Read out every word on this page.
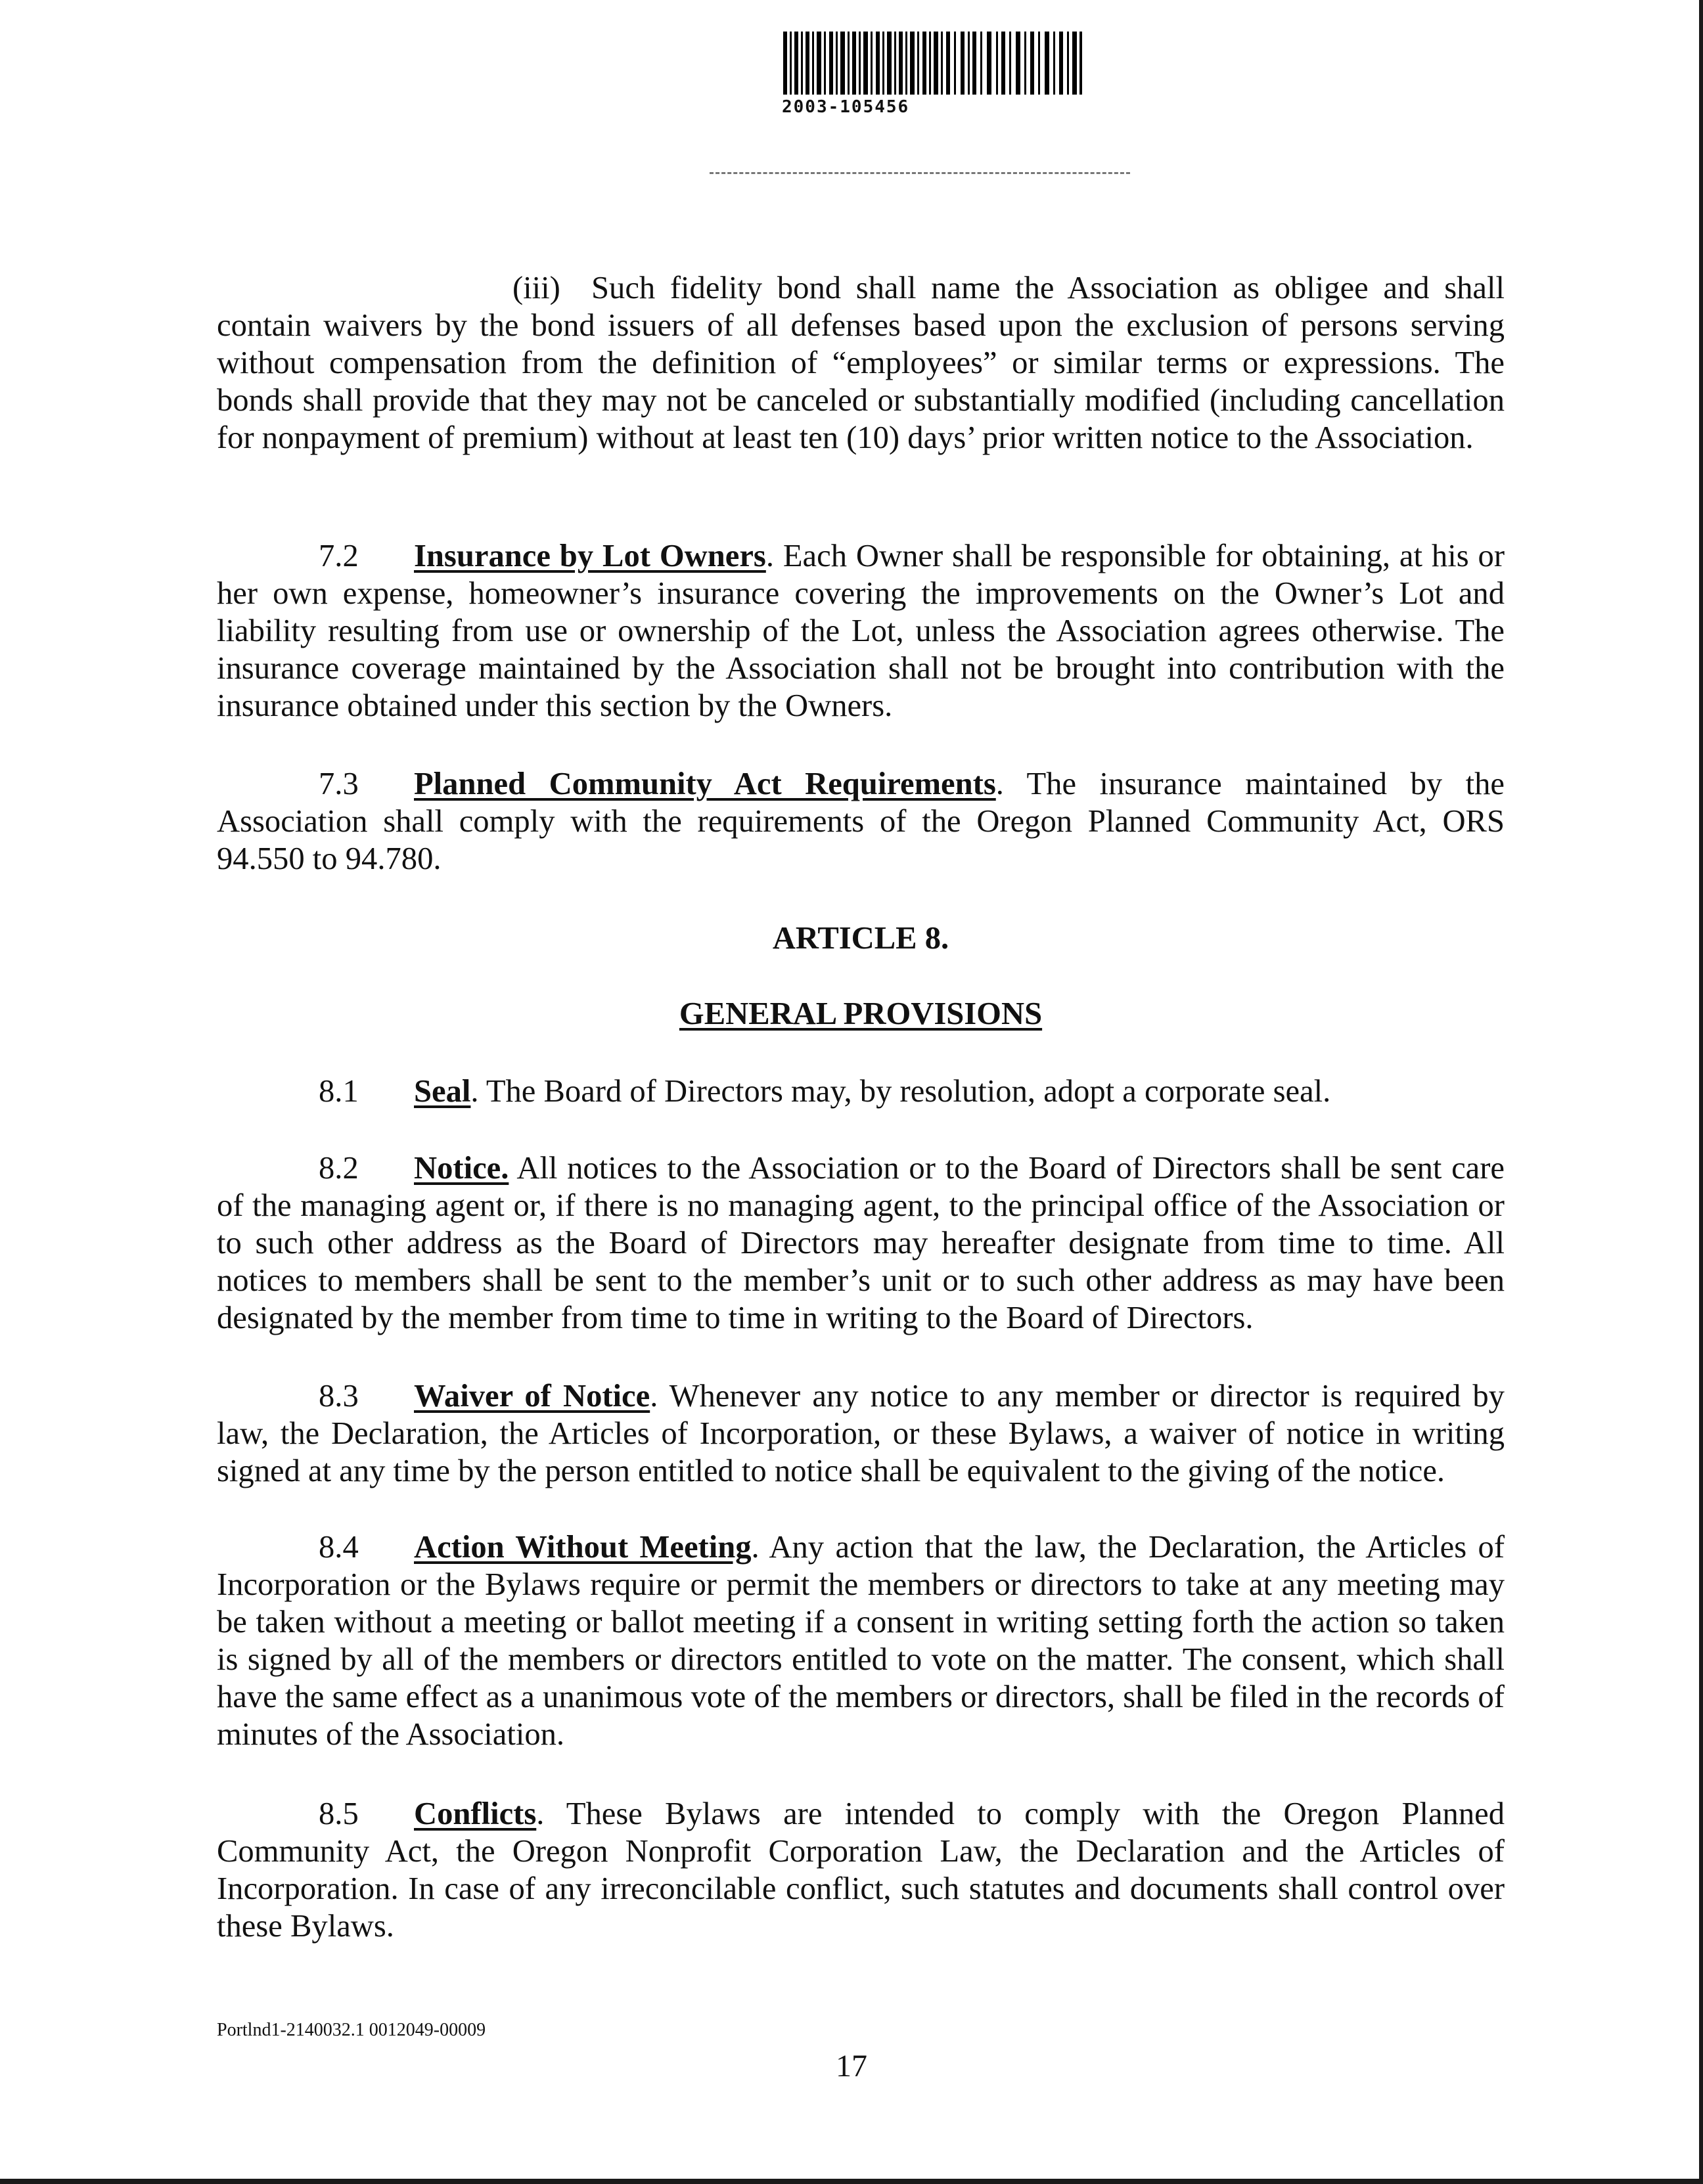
2003-105456
(iii) Such fidelity bond shall name the Association as obligee and shall contain waivers by the bond issuers of all defenses based upon the exclusion of persons serving without compensation from the definition of “employees” or similar terms or expressions. The bonds shall provide that they may not be canceled or substantially modified (including cancellation for nonpayment of premium) without at least ten (10) days’ prior written notice to the Association.
7.2 Insurance by Lot Owners. Each Owner shall be responsible for obtaining, at his or her own expense, homeowner’s insurance covering the improvements on the Owner’s Lot and liability resulting from use or ownership of the Lot, unless the Association agrees otherwise. The insurance coverage maintained by the Association shall not be brought into contribution with the insurance obtained under this section by the Owners.
7.3 Planned Community Act Requirements. The insurance maintained by the Association shall comply with the requirements of the Oregon Planned Community Act, ORS 94.550 to 94.780.
ARTICLE 8.
GENERAL PROVISIONS
8.1 Seal. The Board of Directors may, by resolution, adopt a corporate seal.
8.2 Notice. All notices to the Association or to the Board of Directors shall be sent care of the managing agent or, if there is no managing agent, to the principal office of the Association or to such other address as the Board of Directors may hereafter designate from time to time. All notices to members shall be sent to the member’s unit or to such other address as may have been designated by the member from time to time in writing to the Board of Directors.
8.3 Waiver of Notice. Whenever any notice to any member or director is required by law, the Declaration, the Articles of Incorporation, or these Bylaws, a waiver of notice in writing signed at any time by the person entitled to notice shall be equivalent to the giving of the notice.
8.4 Action Without Meeting. Any action that the law, the Declaration, the Articles of Incorporation or the Bylaws require or permit the members or directors to take at any meeting may be taken without a meeting or ballot meeting if a consent in writing setting forth the action so taken is signed by all of the members or directors entitled to vote on the matter. The consent, which shall have the same effect as a unanimous vote of the members or directors, shall be filed in the records of minutes of the Association.
8.5 Conflicts. These Bylaws are intended to comply with the Oregon Planned Community Act, the Oregon Nonprofit Corporation Law, the Declaration and the Articles of Incorporation. In case of any irreconcilable conflict, such statutes and documents shall control over these Bylaws.
Portlnd1-2140032.1 0012049-00009
17
